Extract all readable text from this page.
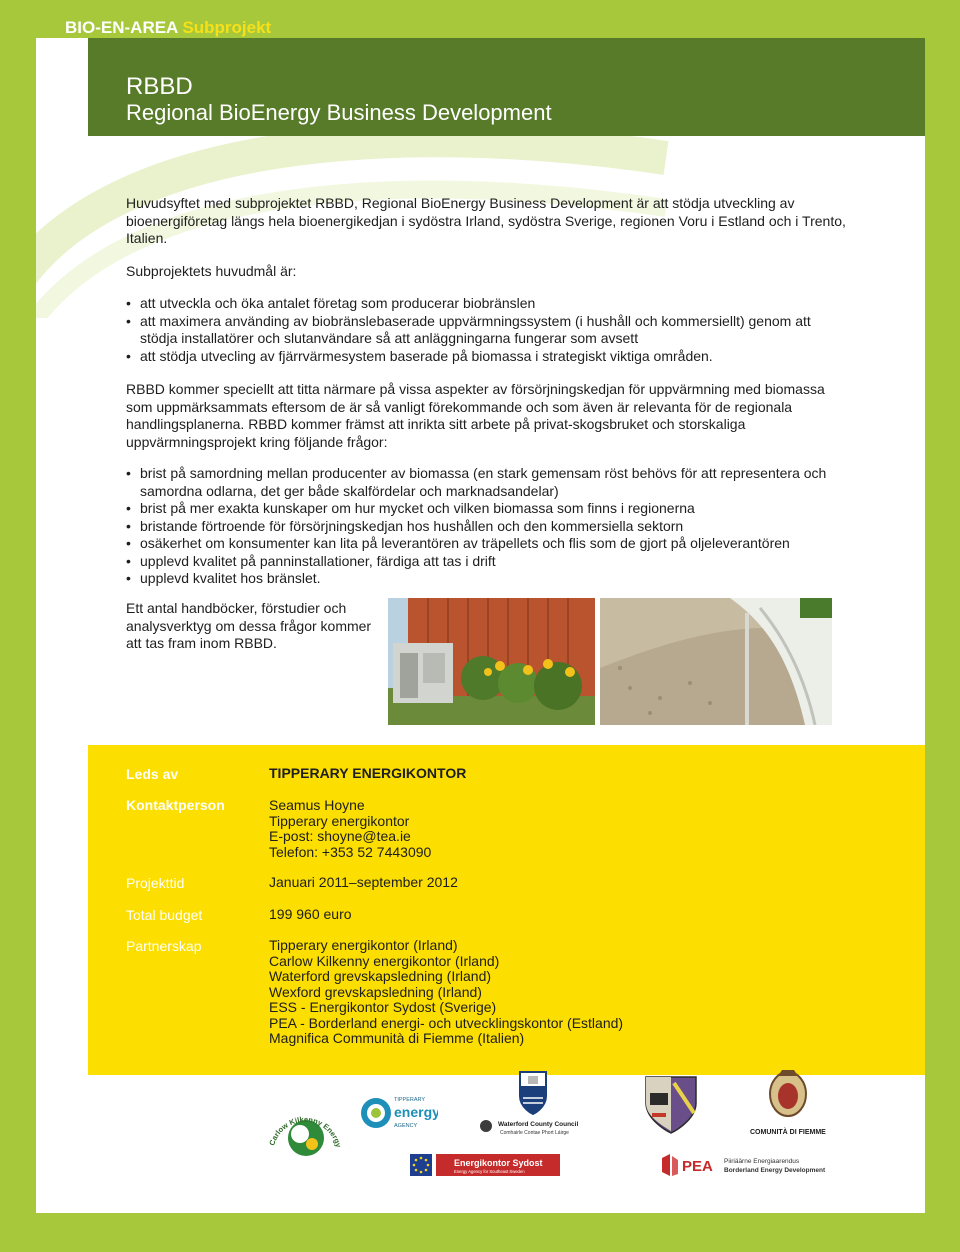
BIO-EN-AREA Subprojekt
RBBD
Regional BioEnergy Business Development
Huvudsyftet med subprojektet RBBD, Regional BioEnergy Business Development är att stödja utveckling av bioenergiföretag längs hela bioenergikedjan i sydöstra Irland, sydöstra Sverige, regionen Voru i Estland och i Trento, Italien.
Subprojektets huvudmål är:
• att utveckla och öka antalet företag som producerar biobränslen
• att maximera använding av biobränslebaserade uppvärmningssystem (i hushåll och kommersiellt) genom att stödja installatörer och slutanvändare så att anläggningarna fungerar som avsett
• att stödja utvecling av fjärrvärmesystem baserade på biomassa i strategiskt viktiga områden.
RBBD kommer speciellt att titta närmare på vissa aspekter av försörjningskedjan för uppvärmning med biomassa som uppmärksammats eftersom de är så vanligt förekommande och som även är relevanta för de regionala handlingsplanerna. RBBD kommer främst att inrikta sitt arbete på privat-skogsbruket och storskaliga uppvärmningsprojekt kring följande frågor:
• brist på samordning mellan producenter av biomassa (en stark gemensam röst behövs för att representera och samordna odlarna, det ger både skalfördelar och marknadsandelar)
• brist på mer exakta kunskaper om hur mycket och vilken biomassa som finns i regionerna
• bristande förtroende för försörjningskedjan hos hushållen och den kommersiella sektorn
• osäkerhet om konsumenter kan lita på leverantören av träpellets och flis som de gjort på oljeleverantören
• upplevd kvalitet på panninstallationer, färdiga att tas i drift
• upplevd kvalitet hos bränslet.
Ett antal handböcker, förstudier och analysverktyg om dessa frågor kommer att tas fram inom RBBD.
Leds av	TIPPERARY ENERGIKONTOR
Kontaktperson	Seamus Hoyne
Tipperary energikontor
E-post: shoyne@tea.ie
Telefon: +353 52 7443090
Projekttid	Januari 2011–september 2012
Total budget	199 960 euro
Partnerskap	Tipperary energikontor (Irland)
Carlow Kilkenny energikontor (Irland)
Waterford grevskapsledning (Irland)
Wexford grevskapsledning (Irland)
ESS - Energikontor Sydost (Sverige)
PEA - Borderland energi- och utvecklingskontor (Estland)
Magnifica Communità di Fiemme (Italien)
Carlow Kilkenny Energy
TIPPERARY
energy
AGENCY	Waterford County Council
Comhairle Contae Phort Láirge	COMUNITÀ DI FIEMME
Energikontor Sydost
Energy Agency for Southeast Sweden	PEA Piiriäärne Energiaarendus
Borderland Energy Development
